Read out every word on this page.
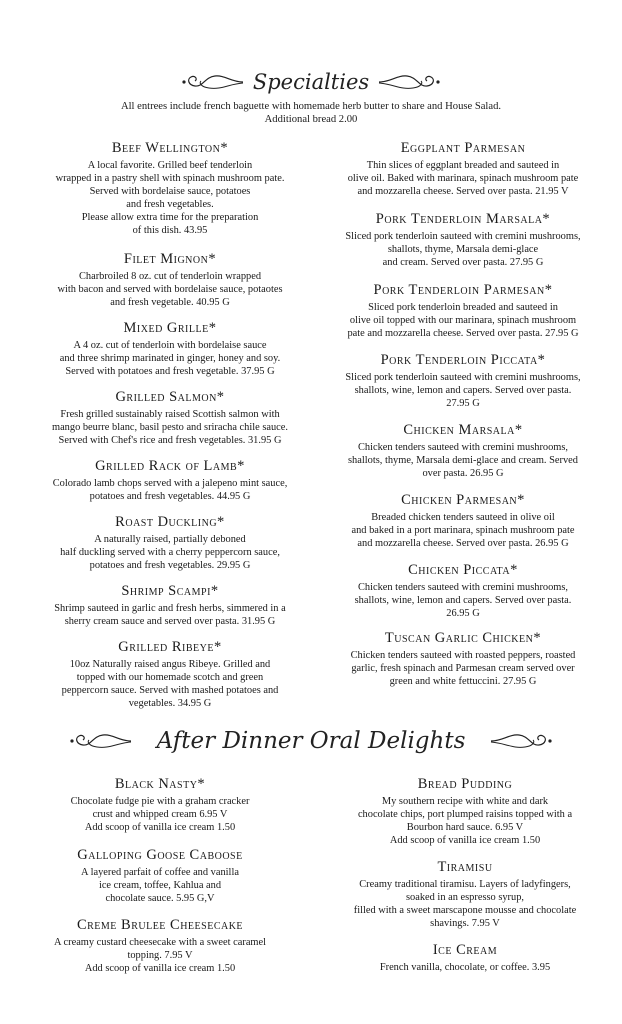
Specialties
All entrees include french baguette with homemade herb butter to share and House Salad.
Additional bread 2.00
Beef Wellington*

A local favorite. Grilled beef tenderloin
wrapped in a pastry shell with spinach mushroom pate.
Served with bordelaise sauce, potatoes
and fresh vegetables.
Please allow extra time for the preparation
of this dish. 43.95

Filet Mignon*

Charbroiled 8 oz. cut of tenderloin wrapped
with bacon and served with bordelaise sauce, potaotes
and fresh vegetable. 40.95 G

Mixed Grille*

A 4 oz. cut of tenderloin with bordelaise sauce
and three shrimp marinated in ginger, honey and soy.
Served with potatoes and fresh vegetable. 37.95 G

Grilled Salmon*

Fresh grilled sustainably raised Scottish salmon with
mango beurre blanc, basil pesto and sriracha chile sauce.
Served with Chef's rice and fresh vegetables. 31.95 G

Grilled Rack of Lamb*

Colorado lamb chops served with a jalepeno mint sauce,
potatoes and fresh vegetables. 44.95 G

Roast Duckling*

A naturally raised, partially deboned
half duckling served with a cherry peppercorn sauce,
potatoes and fresh vegetables. 29.95 G

Shrimp Scampi*

Shrimp sauteed in garlic and fresh herbs, simmered in a
sherry cream sauce and served over pasta. 31.95 G

Grilled Ribeye*

10oz Naturally raised angus Ribeye. Grilled and
topped with our homemade scotch and green
peppercorn sauce. Served with mashed potatoes and
vegetables. 34.95 G

Eggplant Parmesan

Thin slices of eggplant breaded and sauteed in
olive oil. Baked with marinara, spinach mushroom pate
and mozzarella cheese. Served over pasta. 21.95 V

Pork Tenderloin Marsala*

Sliced pork tenderloin sauteed with cremini mushrooms,
shallots, thyme, Marsala demi-glace
and cream. Served over pasta. 27.95 G

Pork Tenderloin Parmesan*

Sliced pork tenderloin breaded and sauteed in
olive oil topped with our marinara, spinach mushroom
pate and mozzarella cheese. Served over pasta. 27.95 G

Pork Tenderloin Piccata*

Sliced pork tenderloin sauteed with cremini mushrooms,
shallots, wine, lemon and capers. Served over pasta.
27.95 G

Chicken Marsala*

Chicken tenders sauteed with cremini mushrooms,
shallots, thyme, Marsala demi-glace and cream. Served
over pasta. 26.95 G

Chicken Parmesan*

Breaded chicken tenders sauteed in olive oil
and baked in a port marinara, spinach mushroom pate
and mozzarella cheese. Served over pasta. 26.95 G

Chicken Piccata*

Chicken tenders sauteed with cremini mushrooms,
shallots, wine, lemon and capers. Served over pasta.
26.95 G

Tuscan Garlic Chicken*

Chicken tenders sauteed with roasted peppers, roasted
garlic, fresh spinach and Parmesan cream served over
green and white fettuccini. 27.95 G

After Dinner Oral Delights
Black Nasty*

Chocolate fudge pie with a graham cracker
crust and whipped cream 6.95 V
Add scoop of vanilla ice cream 1.50

Galloping Goose Caboose

A layered parfait of coffee and vanilla
ice cream, toffee, Kahlua and
chocolate sauce. 5.95 G,V

Creme Brulee Cheesecake

A creamy custard cheesecake with a sweet caramel
topping. 7.95 V
Add scoop of vanilla ice cream 1.50

Bread Pudding

My southern recipe with white and dark
chocolate chips, port plumped raisins topped with a
Bourbon hard sauce. 6.95 V
Add scoop of vanilla ice cream 1.50

Tiramisu

Creamy traditional tiramisu. Layers of ladyfingers,
soaked in an espresso syrup,
filled with a sweet marscapone mousse and chocolate
shavings. 7.95 V

Ice Cream

French vanilla, chocolate, or coffee. 3.95
